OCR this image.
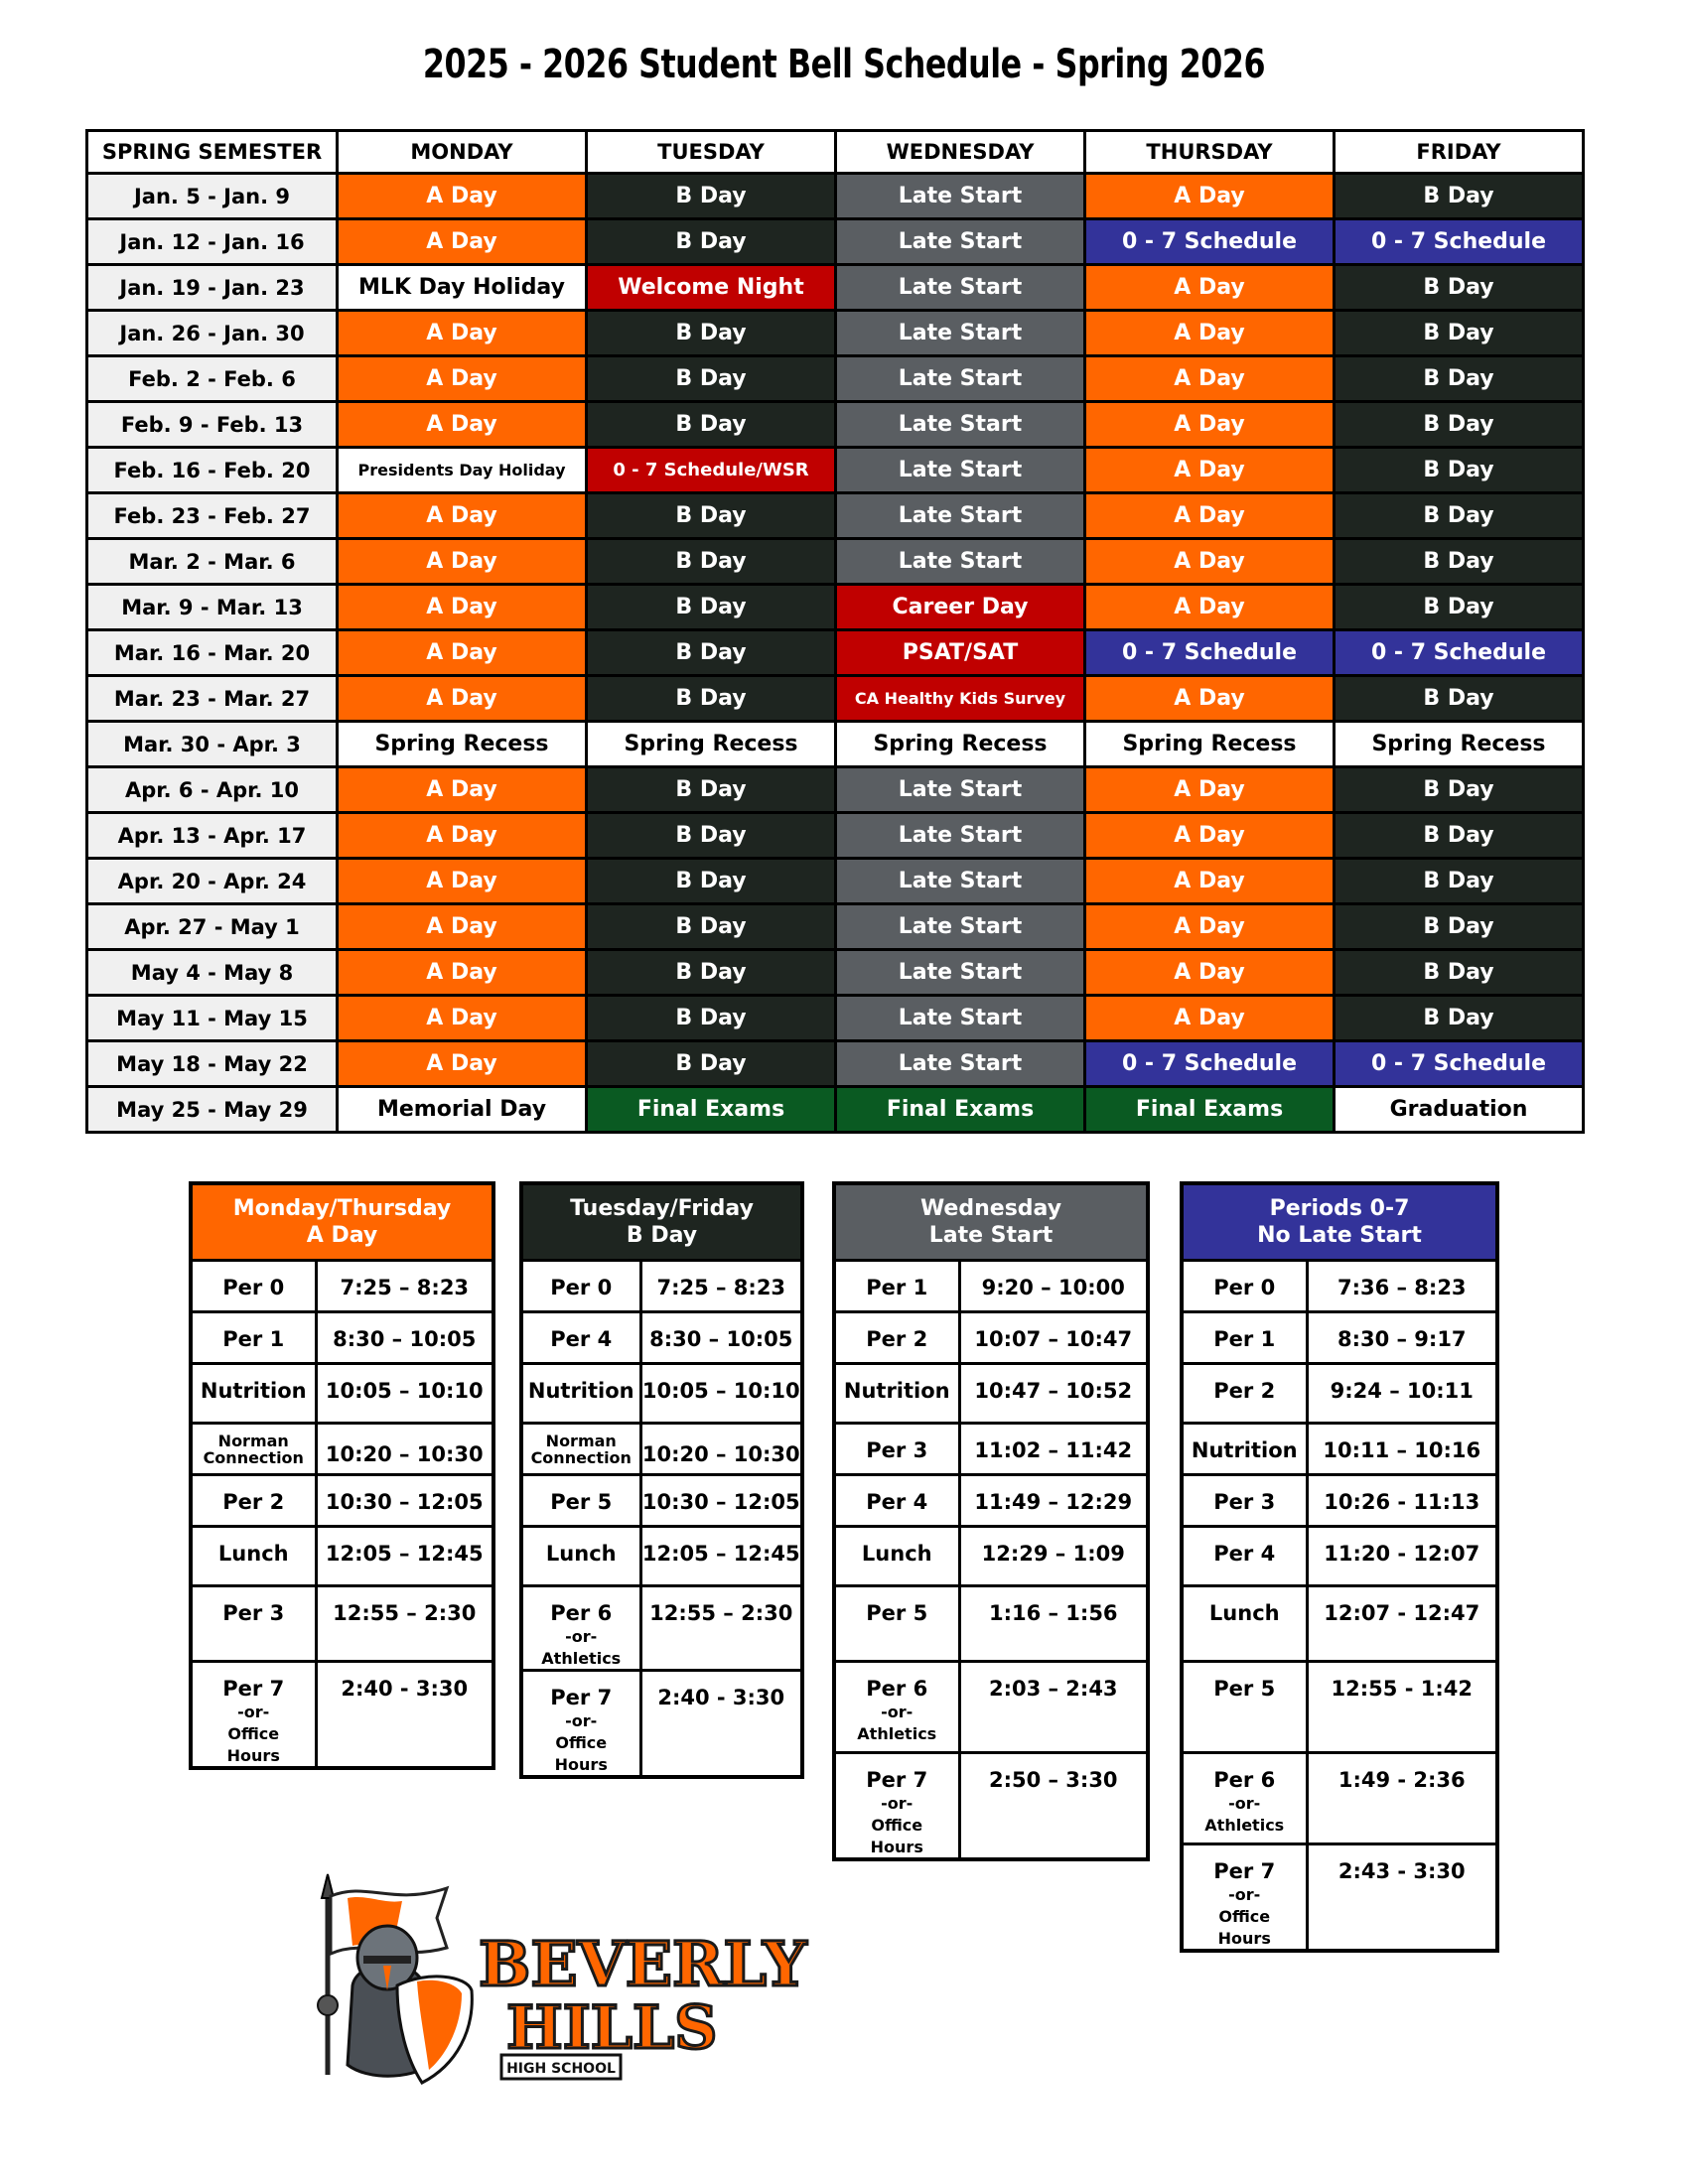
2025 - 2026 Student Bell Schedule - Spring 2026
SPRING SEMESTER	MONDAY	TUESDAY	WEDNESDAY	THURSDAY	FRIDAY
Jan. 5 - Jan. 9	A Day	B Day	Late Start	A Day	B Day
Jan. 12 - Jan. 16	A Day	B Day	Late Start	0 - 7 Schedule	0 - 7 Schedule
Jan. 19 - Jan. 23	MLK Day Holiday	Welcome Night	Late Start	A Day	B Day
Jan. 26 - Jan. 30	A Day	B Day	Late Start	A Day	B Day
Feb. 2 - Feb. 6	A Day	B Day	Late Start	A Day	B Day
Feb. 9 - Feb. 13	A Day	B Day	Late Start	A Day	B Day
Feb. 16 - Feb. 20	Presidents Day Holiday	0 - 7 Schedule/WSR	Late Start	A Day	B Day
Feb. 23 - Feb. 27	A Day	B Day	Late Start	A Day	B Day
Mar. 2 - Mar. 6	A Day	B Day	Late Start	A Day	B Day
Mar. 9 - Mar. 13	A Day	B Day	Career Day	A Day	B Day
Mar. 16 - Mar. 20	A Day	B Day	PSAT/SAT	0 - 7 Schedule	0 - 7 Schedule
Mar. 23 - Mar. 27	A Day	B Day	CA Healthy Kids Survey	A Day	B Day
Mar. 30 - Apr. 3	Spring Recess	Spring Recess	Spring Recess	Spring Recess	Spring Recess
Apr. 6 - Apr. 10	A Day	B Day	Late Start	A Day	B Day
Apr. 13 - Apr. 17	A Day	B Day	Late Start	A Day	B Day
Apr. 20 - Apr. 24	A Day	B Day	Late Start	A Day	B Day
Apr. 27 - May 1	A Day	B Day	Late Start	A Day	B Day
May 4 - May 8	A Day	B Day	Late Start	A Day	B Day
May 11 - May 15	A Day	B Day	Late Start	A Day	B Day
May 18 - May 22	A Day	B Day	Late Start	0 - 7 Schedule	0 - 7 Schedule
May 25 - May 29	Memorial Day	Final Exams	Final Exams	Final Exams	Graduation
Monday/Thursday
A Day	

Per 0	7:25 – 8:23
Per 1	8:30 – 10:05
Nutrition	10:05 – 10:10

Norman
Connection	10:20 – 10:30
Per 2	10:30 – 12:05
Lunch	12:05 – 12:45
Per 3	12:55 – 2:30
Per 7
-or-
Office
Hours	2:40 - 3:30
Tuesday/Friday
B Day	

Per 0	7:25 – 8:23
Per 4	8:30 – 10:05
Nutrition	10:05 – 10:10

Norman
Connection	10:20 – 10:30
Per 5	10:30 – 12:05
Lunch	12:05 – 12:45
Per 6
-or-
Athletics	12:55 – 2:30
Per 7
-or-
Office
Hours	2:40 - 3:30
Wednesday
Late Start	

Per 1	9:20 – 10:00
Per 2	10:07 – 10:47
Nutrition	10:47 – 10:52
Per 3	11:02 – 11:42
Per 4	11:49 – 12:29
Lunch	12:29 – 1:09
Per 5	1:16 – 1:56
Per 6
-or-
Athletics	2:03 – 2:43
Per 7
-or-
Office
Hours	2:50 – 3:30
Periods 0-7
No Late Start	

Per 0	7:36 – 8:23
Per 1	8:30 – 9:17
Per 2	9:24 – 10:11
Nutrition	10:11 – 10:16
Per 3	10:26 - 11:13
Per 4	11:20 - 12:07
Lunch	12:07 - 12:47
Per 5	12:55 - 1:42
Per 6
-or-
Athletics	1:49 - 2:36
Per 7
-or-
Office
Hours	2:43 - 3:30
BEVERLY
HILLS
HIGH SCHOOL
